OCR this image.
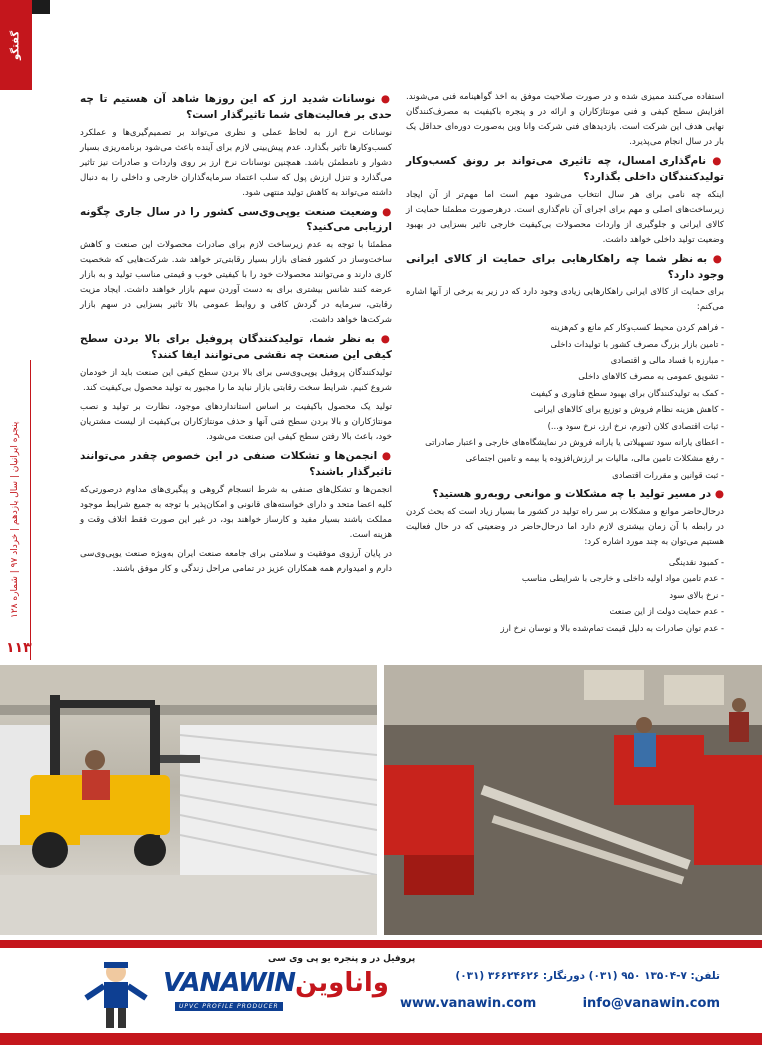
گفتگو
پنجره ایرانیان | سال یازدهم | خرداد ۹۷ | شماره ۱۲۸
۱۱۳

استفاده می‌کنند ممیزی شده و در صورت صلاحیت موفق به اخذ گواهینامه فنی می‌شوند. افزایش سطح کیفی و فنی مونتاژکاران و ارائه در و پنجره باکیفیت به مصرف‌کنندگان نهایی هدف این شرکت است. بازدیدهای فنی شرکت وانا وین به‌صورت دوره‌ای حداقل یک بار در سال انجام می‌پذیرد.

● نام‌گذاری امسال، چه تاثیری می‌تواند بر رونق کسب‌وکار تولیدکنندگان داخلی بگذارد؟

اینکه چه نامی برای هر سال انتخاب می‌شود مهم است اما مهم‌تر از آن ایجاد زیرساخت‌های اصلی و مهم برای اجرای آن نام‌گذاری است. درهرصورت مطمئنا حمایت از کالای ایرانی و جلوگیری از واردات محصولات بی‌کیفیت خارجی تاثیر بسزایی در بهبود وضعیت تولید داخلی خواهد داشت.

● به نظر شما چه راهکارهایی برای حمایت از کالای ایرانی وجود دارد؟

برای حمایت از کالای ایرانی راهکارهایی زیادی وجود دارد که در زیر به برخی از آنها اشاره می‌کنم:

- فراهم کردن محیط کسب‌وکار کم مانع و کم‌هزینه
- تامین بازار بزرگ مصرف کشور با تولیدات داخلی
- مبارزه با فساد مالی و اقتصادی
- تشویق عمومی به مصرف کالاهای داخلی
- کمک به تولیدکنندگان برای بهبود سطح فناوری و کیفیت
- کاهش هزینه نظام فروش و توزیع برای کالاهای ایرانی
- ثبات اقتصادی کلان (تورم، نرخ ارز، نرخ سود و...)
- اعطای یارانه سود تسهیلاتی یا یارانه فروش در نمایشگاه‌های خارجی و اعتبار صادراتی
- رفع مشکلات تامین مالی، مالیات بر ارزش‌افزوده یا بیمه و تامین اجتماعی
- ثبت قوانین و مقررات اقتصادی

● در مسیر تولید با چه مشکلات و موانعی روبه‌رو هستید؟

درحال‌حاضر موانع و مشکلات بر سر راه تولید در کشور ما بسیار زیاد است که بحث کردن در رابطه با آن زمان بیشتری لازم دارد اما درحال‌حاضر در وضعیتی که در حال فعالیت هستیم می‌توان به چند مورد اشاره کرد:

- کمبود نقدینگی
- عدم تامین مواد اولیه داخلی و خارجی با شرایطی مناسب
- نرخ بالای سود
- عدم حمایت دولت از این صنعت
- عدم توان صادرات به دلیل قیمت تمام‌شده بالا و نوسان نرخ ارز

● نوسانات شدید ارز که این روزها شاهد آن هستیم تا چه حدی بر فعالیت‌های شما تاثیرگذار است؟

نوسانات نرخ ارز به لحاظ عملی و نظری می‌تواند بر تصمیم‌گیری‌ها و عملکرد کسب‌وکارها تاثیر بگذارد. عدم پیش‌بینی لازم برای آینده باعث می‌شود برنامه‌ریزی بسیار دشوار و نامطمئن باشد. همچنین نوسانات نرخ ارز بر روی واردات و صادرات نیز تاثیر می‌گذارد و تنزل ارزش پول که سلب اعتماد سرمایه‌گذاران خارجی و داخلی را به دنبال داشته می‌تواند به کاهش تولید منتهی شود.

● وضعیت صنعت یوپی‌وی‌سی کشور را در سال جاری چگونه ارزیابی می‌کنید؟

مطمئنا با توجه به عدم زیرساخت لازم برای صادرات محصولات این صنعت و کاهش ساخت‌وساز در کشور فضای بازار بسیار رقابتی‌تر خواهد شد. شرکت‌هایی که شخصیت کاری دارند و می‌توانند محصولات خود را با کیفیتی خوب و قیمتی مناسب تولید و به بازار عرضه کنند شانس بیشتری برای به دست آوردن سهم بازار خواهند داشت. ایجاد مزیت رقابتی، سرمایه در گردش کافی و روابط عمومی بالا تاثیر بسزایی در سهم بازار شرکت‌ها خواهد داشت.

● به نظر شما، تولیدکنندگان پروفیل برای بالا بردن سطح کیفی این صنعت چه نقشی می‌توانند ایفا کنند؟

تولیدکنندگان پروفیل یوپی‌وی‌سی برای بالا بردن سطح کیفی این صنعت باید از خودمان شروع کنیم. شرایط سخت رقابتی بازار نباید ما را مجبور به تولید محصول بی‌کیفیت کند.

تولید یک محصول باکیفیت بر اساس استانداردهای موجود، نظارت بر تولید و نصب مونتاژکاران و بالا بردن سطح فنی آنها و حذف مونتاژکاران بی‌کیفیت از لیست مشتریان خود، باعث بالا رفتن سطح کیفی این صنعت می‌شود.

● انجمن‌ها و تشکلات صنفی در این خصوص چقدر می‌توانند تاثیرگذار باشند؟

انجمن‌ها و تشکل‌های صنفی به شرط انسجام گروهی و پیگیری‌های مداوم درصورتی‌که کلیه اعضا متحد و دارای خواسته‌های قانونی و امکان‌پذیر با توجه به جمیع شرایط موجود مملکت باشند بسیار مفید و کارساز خواهند بود، در غیر این صورت فقط اتلاف وقت و هزینه است.

در پایان آرزوی موفقیت و سلامتی برای جامعه صنعت ایران به‌ویژه صنعت یوپی‌وی‌سی دارم و امیدوارم همه همکاران عزیز در تمامی مراحل زندگی و کار موفق باشند.

پروفیل در و پنجره یو پی وی سی
VANAWIN واناوین
UPVC PROFILE PRODUCER
تلفن: ۷-۱۳۵۰۴ ۹۵۰ (۰۳۱) دورنگار: ۳۶۶۲۴۶۲۶ (۰۳۱)
www.vanawin.com	info@vanawin.com
